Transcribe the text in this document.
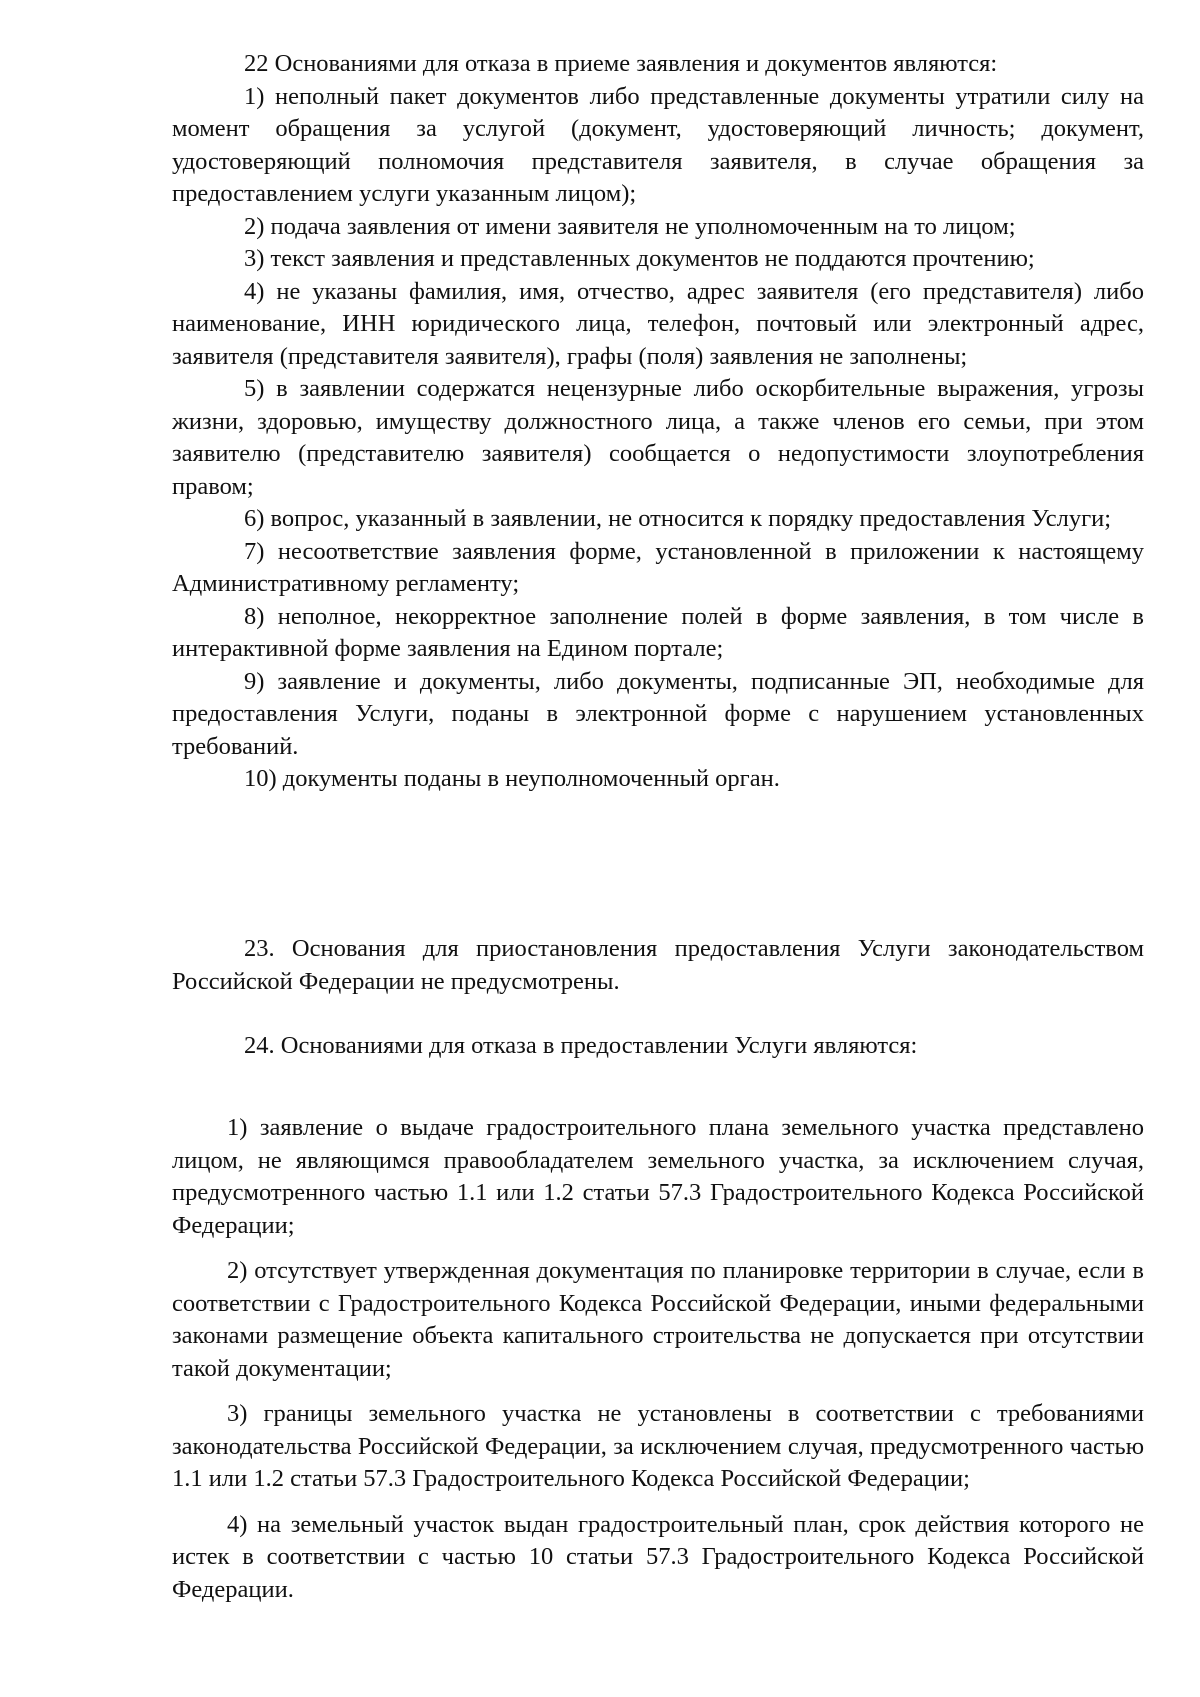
22 Основаниями для отказа в приеме заявления и документов являются:

1) неполный пакет документов либо представленные документы утратили силу на момент обращения за услугой (документ, удостоверяющий личность; документ, удостоверяющий полномочия представителя заявителя, в случае обращения за предоставлением услуги указанным лицом);

2) подача заявления от имени заявителя не уполномоченным на то лицом;

3) текст заявления и представленных документов не поддаются прочтению;

4) не указаны фамилия, имя, отчество, адрес заявителя (его представителя) либо наименование, ИНН юридического лица, телефон, почтовый или электронный адрес, заявителя (представителя заявителя), графы (поля) заявления не заполнены;

5) в заявлении содержатся нецензурные либо оскорбительные выражения, угрозы жизни, здоровью, имуществу должностного лица, а также членов его семьи, при этом заявителю (представителю заявителя) сообщается о недопустимости злоупотребления правом;

6) вопрос, указанный в заявлении, не относится к порядку предоставления Услуги;

7) несоответствие заявления форме, установленной в приложении к настоящему Административному регламенту;

8) неполное, некорректное заполнение полей в форме заявления, в том числе в интерактивной форме заявления на Едином портале;

9) заявление и документы, либо документы, подписанные ЭП, необходимые для предоставления Услуги, поданы в электронной форме с нарушением установленных требований.

10) документы поданы в неуполномоченный орган.

23. Основания для приостановления предоставления Услуги законодательством Российской Федерации не предусмотрены.

24. Основаниями для отказа в предоставлении Услуги являются:

1) заявление о выдаче градостроительного плана земельного участка представлено лицом, не являющимся правообладателем земельного участка, за исключением случая, предусмотренного частью 1.1 или 1.2 статьи 57.3 Градостроительного Кодекса Российской Федерации;

2) отсутствует утвержденная документация по планировке территории в случае, если в соответствии с Градостроительного Кодекса Российской Федерации, иными федеральными законами размещение объекта капитального строительства не допускается при отсутствии такой документации;

3) границы земельного участка не установлены в соответствии с требованиями законодательства Российской Федерации, за исключением случая, предусмотренного частью 1.1 или 1.2 статьи 57.3 Градостроительного Кодекса Российской Федерации;

4) на земельный участок выдан градостроительный план, срок действия которого не истек в соответствии с частью 10 статьи 57.3 Градостроительного Кодекса Российской Федерации.
